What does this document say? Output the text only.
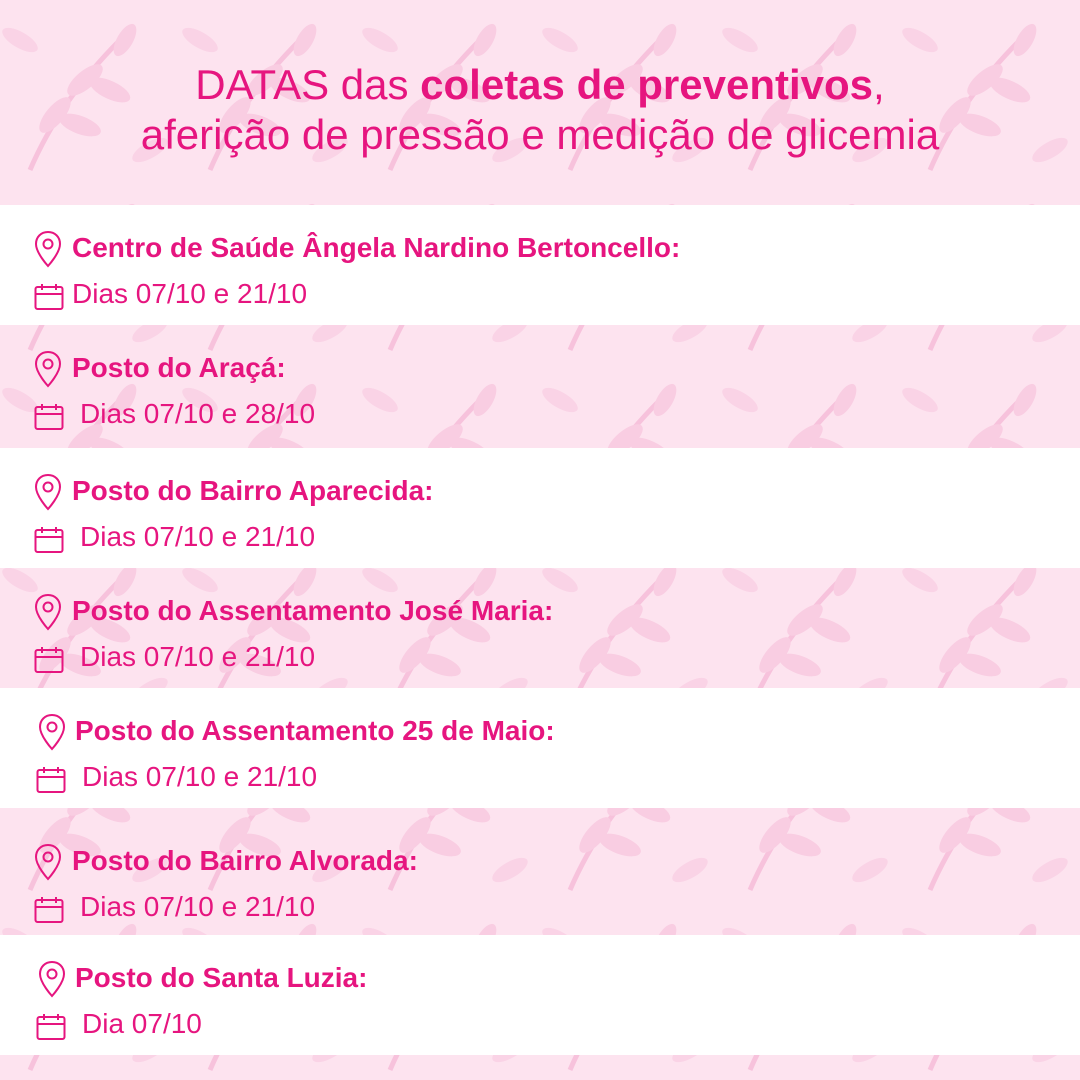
DATAS das coletas de preventivos,
aferição de pressão e medição de glicemia
Centro de Saúde Ângela Nardino Bertoncello:
Dias 07/10 e 21/10
Posto do Araçá:
Dias 07/10 e 28/10
Posto do Bairro Aparecida:
Dias 07/10 e 21/10
Posto do Assentamento José Maria:
Dias 07/10 e 21/10
Posto do Assentamento 25 de Maio:
Dias 07/10 e 21/10
Posto do Bairro Alvorada:
Dias 07/10 e 21/10
Posto do Santa Luzia:
Dia 07/10
